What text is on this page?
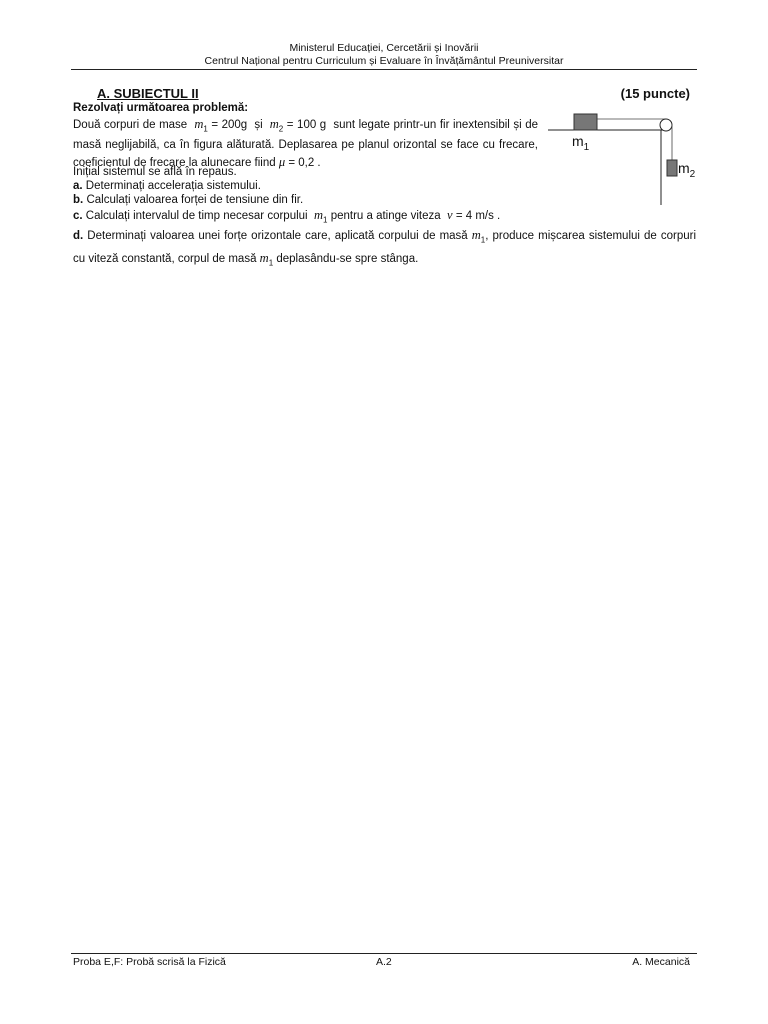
Ministerul Educației, Cercetării și Inovării
Centrul Național pentru Curriculum și Evaluare în Învățământul Preuniversitar
A. SUBIECTUL II	(15 puncte)
Rezolvați următoarea problemă:
Două corpuri de mase $m_1 = 200g$ și $m_2 = 100$ g sunt legate printr-un fir inextensibil și de masă neglijabilă, ca în figura alăturată. Deplasarea pe planul orizontal se face cu frecare, coeficientul de frecare la alunecare fiind μ = 0,2 .
Inițial sistemul se află în repaus.
a. Determinați accelerația sistemului.
b. Calculați valoarea forței de tensiune din fir.
c. Calculați intervalul de timp necesar corpului $m_1$ pentru a atinge viteza v = 4 m/s .
d. Determinați valoarea unei forțe orizontale care, aplicată corpului de masă $m_1$, produce mișcarea sistemului de corpuri cu viteză constantă, corpul de masă $m_1$ deplasându-se spre stânga.
$m_1$
$m_2$
Proba E,F: Probă scrisă la Fizică	A.2	A. Mecanică
